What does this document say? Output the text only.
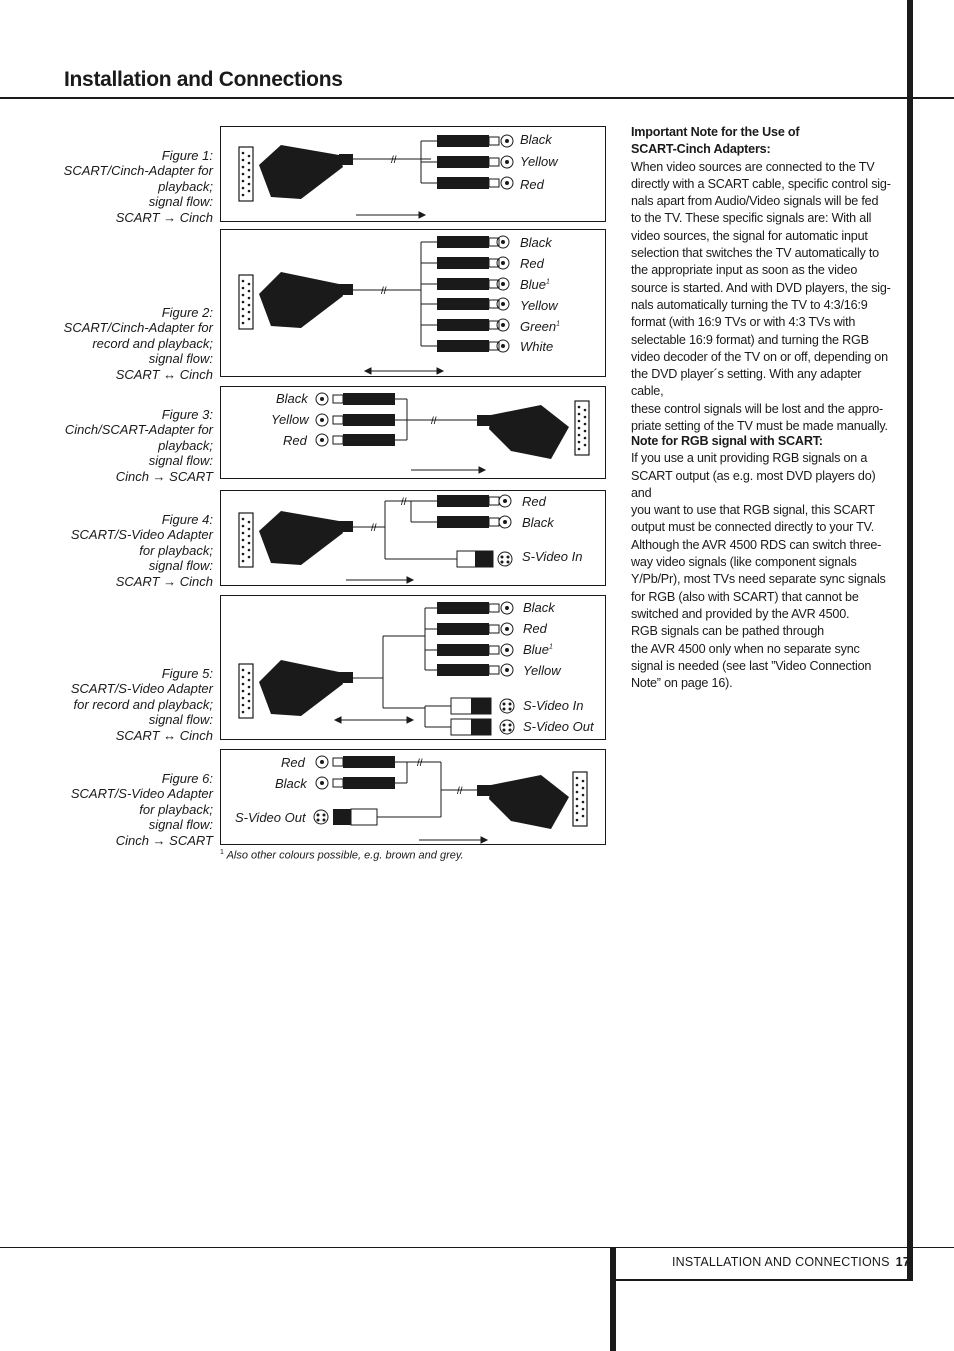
Installation and Connections
Figure 1:
SCART/Cinch-Adapter for
playback;
signal flow:
SCART → Cinch
Figure 2:
SCART/Cinch-Adapter for
record and playback;
signal flow:
SCART ↔ Cinch
Figure 3:
Cinch/SCART-Adapter for
playback;
signal flow:
Cinch → SCART
Figure 4:
SCART/S-Video Adapter
for playback;
signal flow:
SCART → Cinch
Figure 5:
SCART/S-Video Adapter
for record and playback;
signal flow:
SCART ↔ Cinch
Figure 6:
SCART/S-Video Adapter
for playback;
signal flow:
Cinch → SCART
//
Black
Yellow
Red
//
Black
Red
Blue$^1$
Yellow
Green$^1$
White
//
Black
Yellow
Red
//
//
Red
Black
S-Video In
Black
Red
Blue$^1$
Yellow
S-Video In
S-Video Out
//
//
Red
Black
S-Video Out
$^1$ Also other colours possible, e.g. brown and grey.
Important Note for the Use of
SCART-Cinch Adapters:

When video sources are connected to the TV
directly with a SCART cable, specific control sig-
nals apart from Audio/Video signals will be fed
to the TV. These specific signals are: With all
video sources, the signal for automatic input
selection that switches the TV automatically to
the appropriate input as soon as the video
source is started. And with DVD players, the sig-
nals automatically turning the TV to 4:3/16:9
format (with 16:9 TVs or with 4:3 TVs with
selectable 16:9 format) and turning the RGB
video decoder of the TV on or off, depending on
the DVD player´s setting. With any adapter cable,
these control signals will be lost and the appro-
priate setting of the TV must be made manually.

Note for RGB signal with SCART:

If you use a unit providing RGB signals on a
SCART output (as e.g. most DVD players do) and
you want to use that RGB signal, this SCART
output must be connected directly to your TV.
Although the AVR 4500 RDS can switch three-
way video signals (like component signals
Y/Pb/Pr), most TVs need separate sync signals
for RGB (also with SCART) that cannot be
switched and provided by the AVR 4500.
RGB signals can be pathed through
the AVR 4500 only when no separate sync
signal is needed (see last ”Video Connection
Note” on page 16).

INSTALLATION AND CONNECTIONS 17
